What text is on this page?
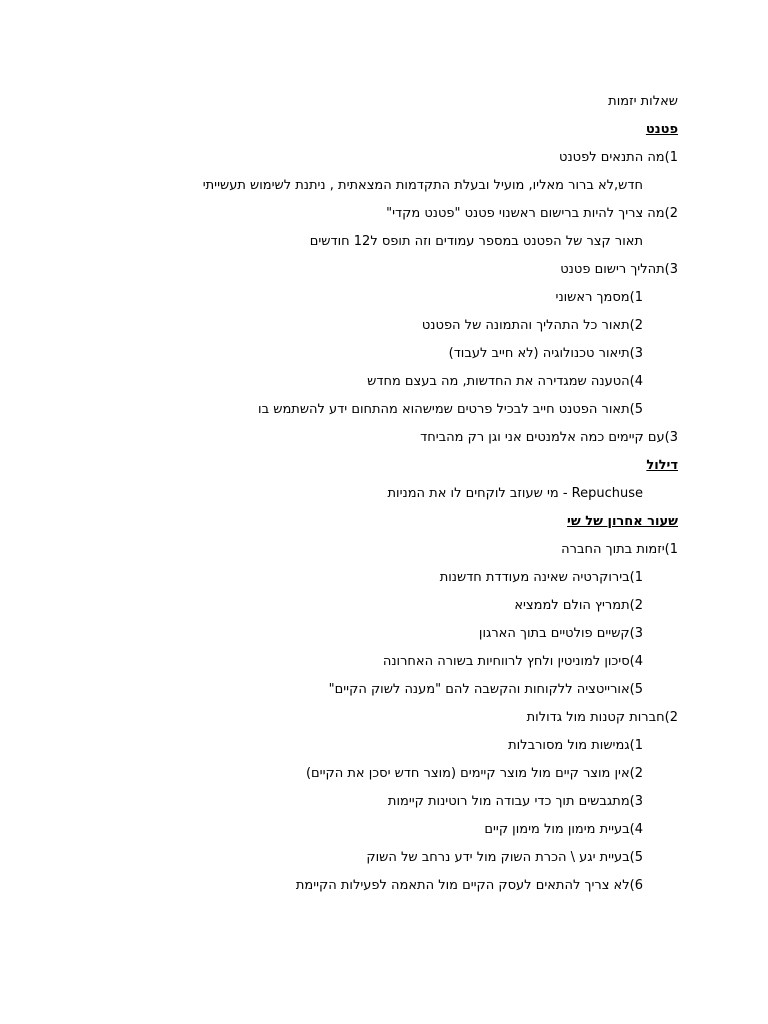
שאלות יזמות
פטנט
1)מה התנאים לפטנט
חדש,לא ברור מאליו, מועיל ובעלת התקדמות המצאתית , ניתנת לשימוש תעשייתי
2)מה צריך להיות ברישום ראשנוי פטנט "פטנט מקדי"
תאור קצר של הפטנט במספר עמודים וזה תופס ל12 חודשים
3)תהליך רישום פטנט
1)מסמך ראשוני
2)תאור כל התהליך והתמונה של הפטנט
3)תיאור טכנולוגיה (לא חייב לעבוד)
4)הטענה שמגדירה את החדשות, מה בעצם מחדש
5)תאור הפטנט חייב לבכיל פרטים שמישהוא מהתחום ידע להשתמש בו
3)עם קיימים כמה אלמנטים אני וגן רק מהביחד
דילול
Repuchuse - מי שעוזב לוקחים לו את המניות
שעור אחרון של שי
1)יזמות בתוך החברה
1)בירוקרטיה שאינה מעודדת חדשנות
2)תמריץ הולם לממציא
3)קשיים פולטיים בתוך הארגון
4)סיכון למוניטין ולחץ לרווחיות בשורה האחרונה
5)אורייטציה ללקוחות והקשבה להם "מענה לשוק הקיים"
2)חברות קטנות מול גדולות
1)גמישות מול מסורבלות
2)אין מוצר קיים מול מוצר קיימים (מוצר חדש יסכן את הקיים)
3)מתגבשים תוך כדי עבודה מול רוטינות קיימות
4)בעיית מימון מול מימון קיים
5)בעיית יגע \ הכרת השוק מול ידע נרחב של השוק
6)לא צריך להתאים לעסק הקיים מול התאמה לפעילות הקיימת
